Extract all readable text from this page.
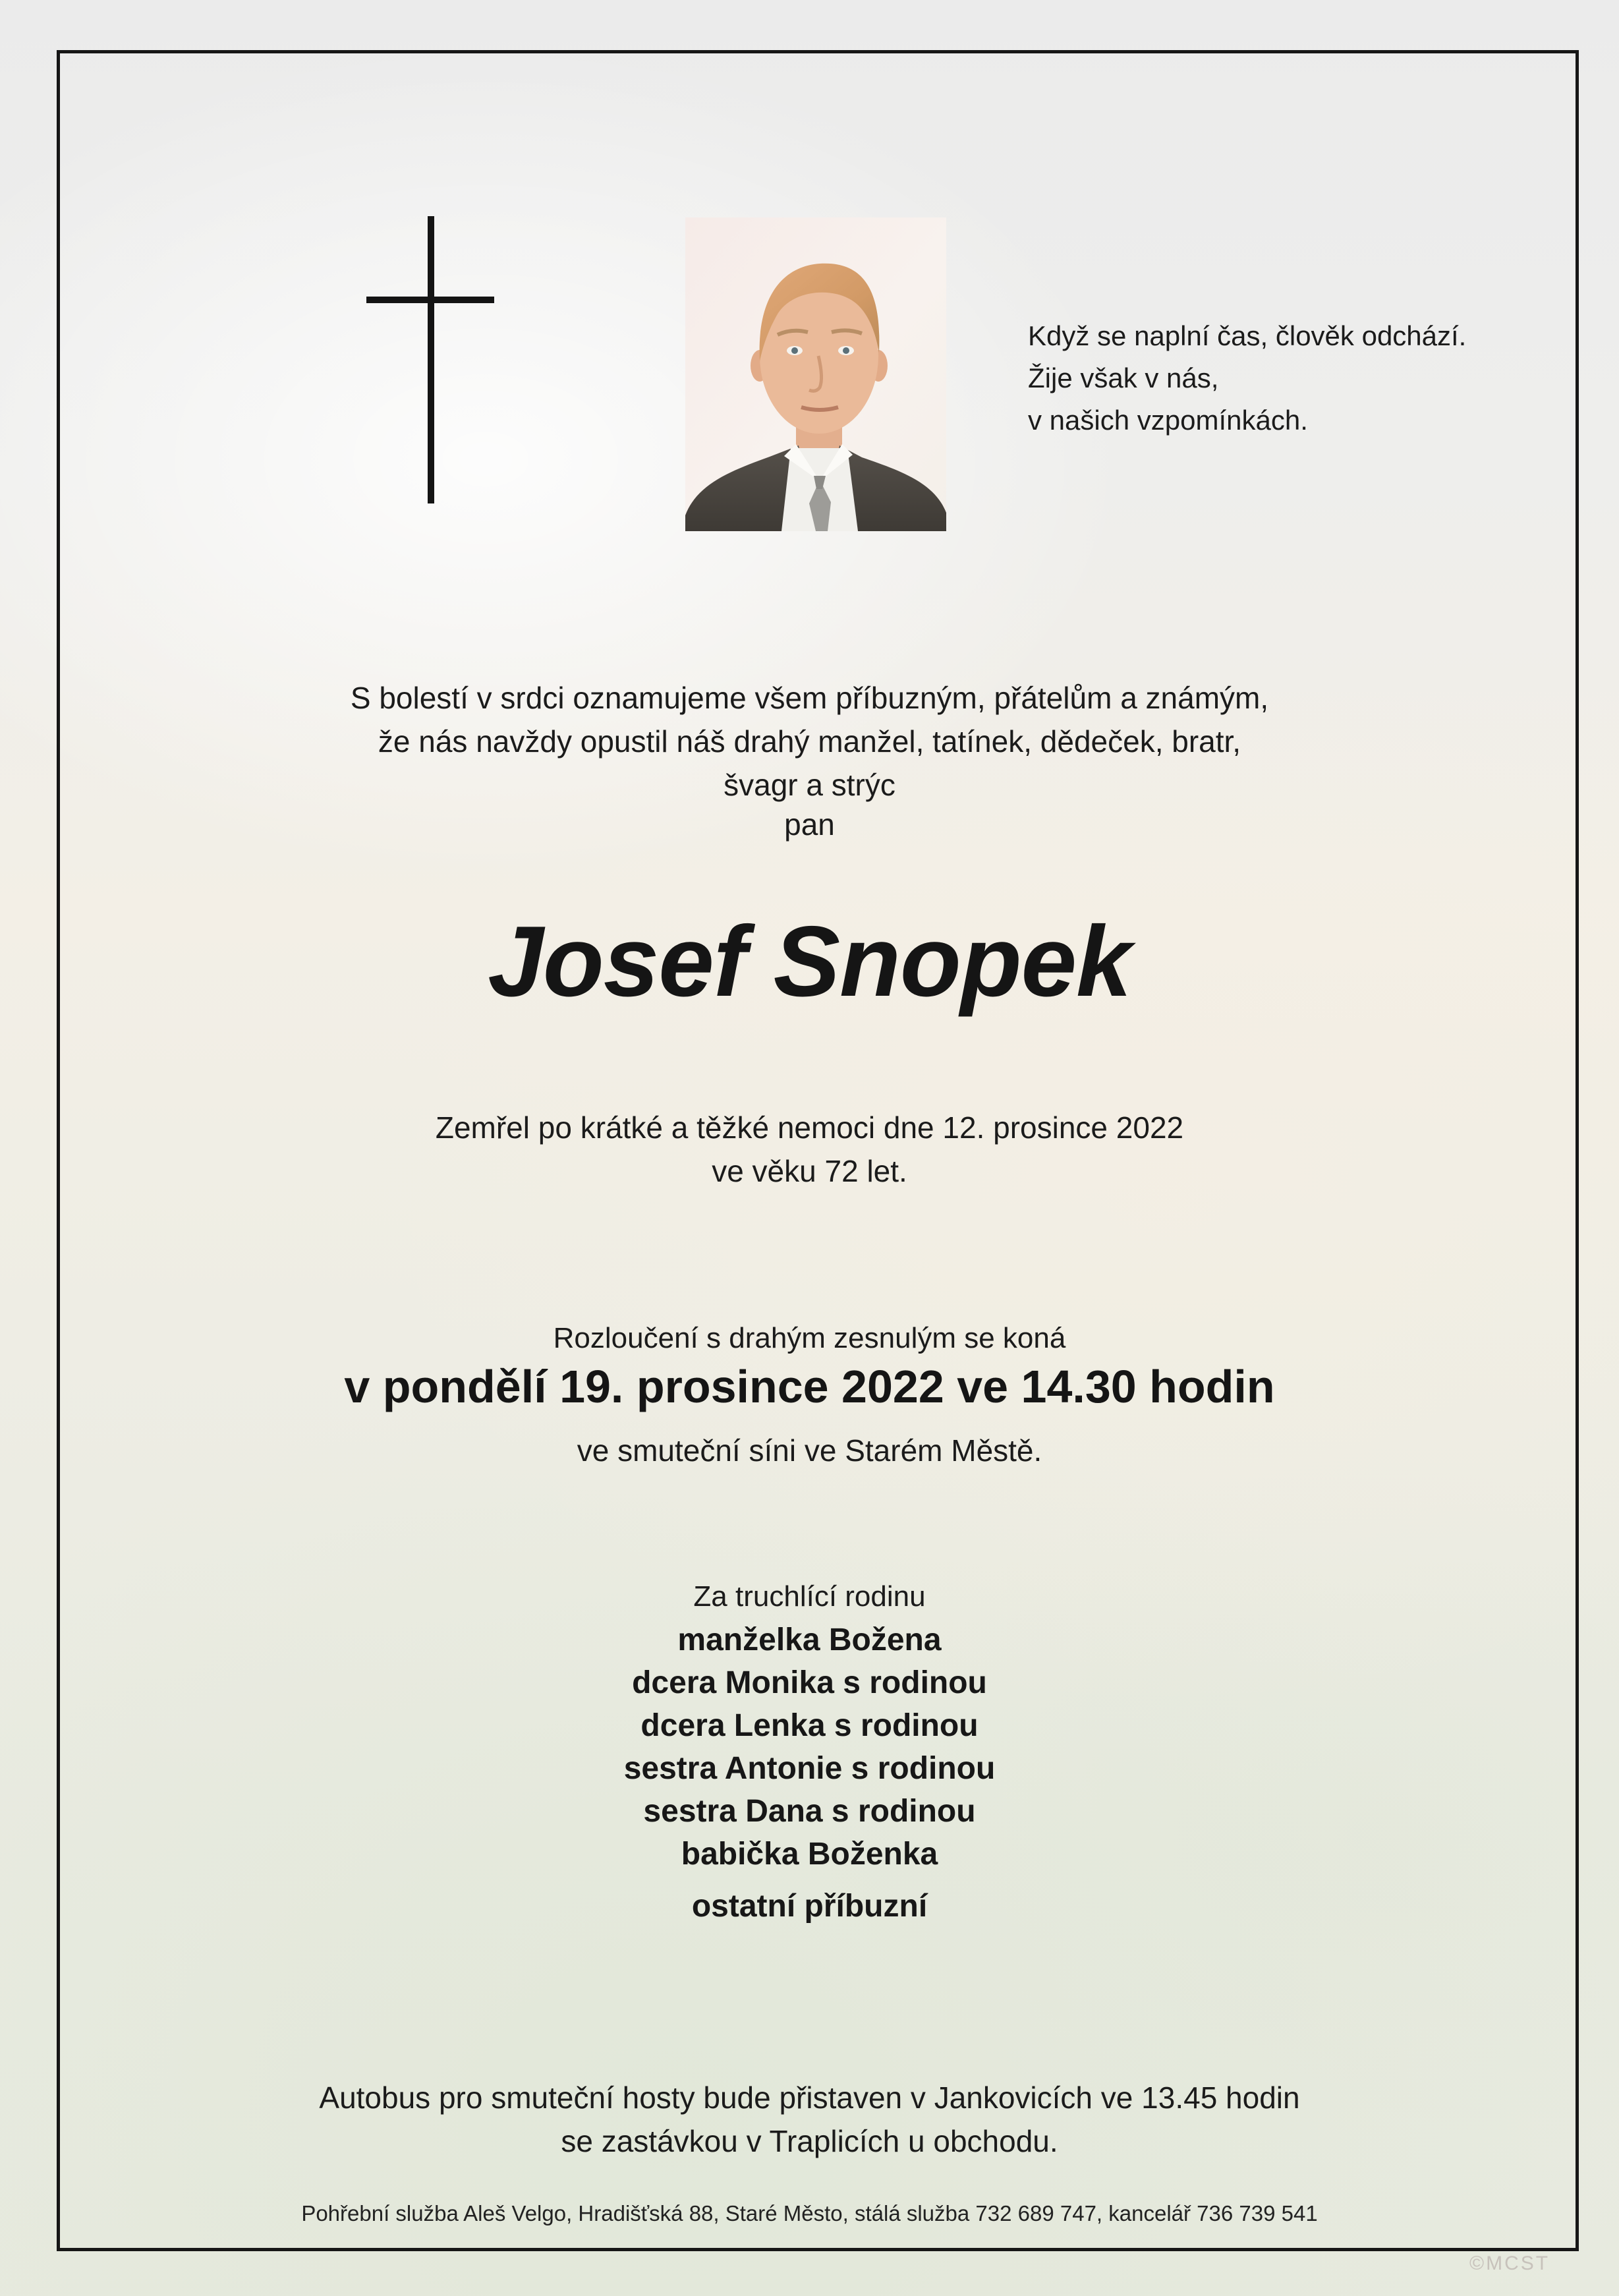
Když se naplní čas, člověk odchází.
Žije však v nás,
v našich vzpomínkách.
S bolestí v srdci oznamujeme všem příbuzným, přátelům a známým,
že nás navždy opustil náš drahý manžel, tatínek, dědeček, bratr,
švagr a strýc
pan
Josef Snopek
Zemřel po krátké a těžké nemoci dne 12. prosince 2022
ve věku 72 let.
Rozloučení s drahým zesnulým se koná
v pondělí 19. prosince 2022 ve 14.30 hodin
ve smuteční síni ve Starém Městě.
Za truchlící rodinu
manželka Božena
dcera Monika s rodinou
dcera Lenka s rodinou
sestra Antonie s rodinou
sestra Dana s rodinou
babička Boženka
ostatní příbuzní
Autobus pro smuteční hosty bude přistaven v Jankovicích ve 13.45 hodin
se zastávkou v Traplicích u obchodu.
Pohřební služba Aleš Velgo, Hradišťská 88, Staré Město, stálá služba 732 689 747, kancelář 736 739 541
©MCST
